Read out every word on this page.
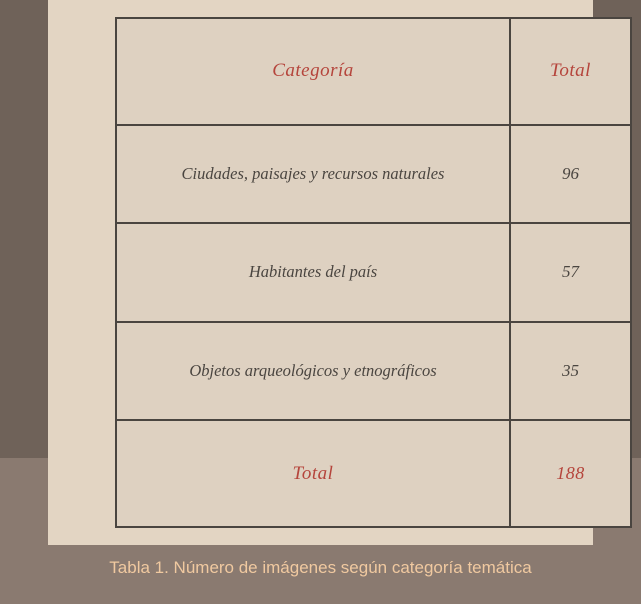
Categoría	Total
Ciudades, paisajes y recursos naturales	96
Habitantes del país	57
Objetos arqueológicos y etnográficos	35
Total	188
Tabla 1. Número de imágenes según categoría temática
